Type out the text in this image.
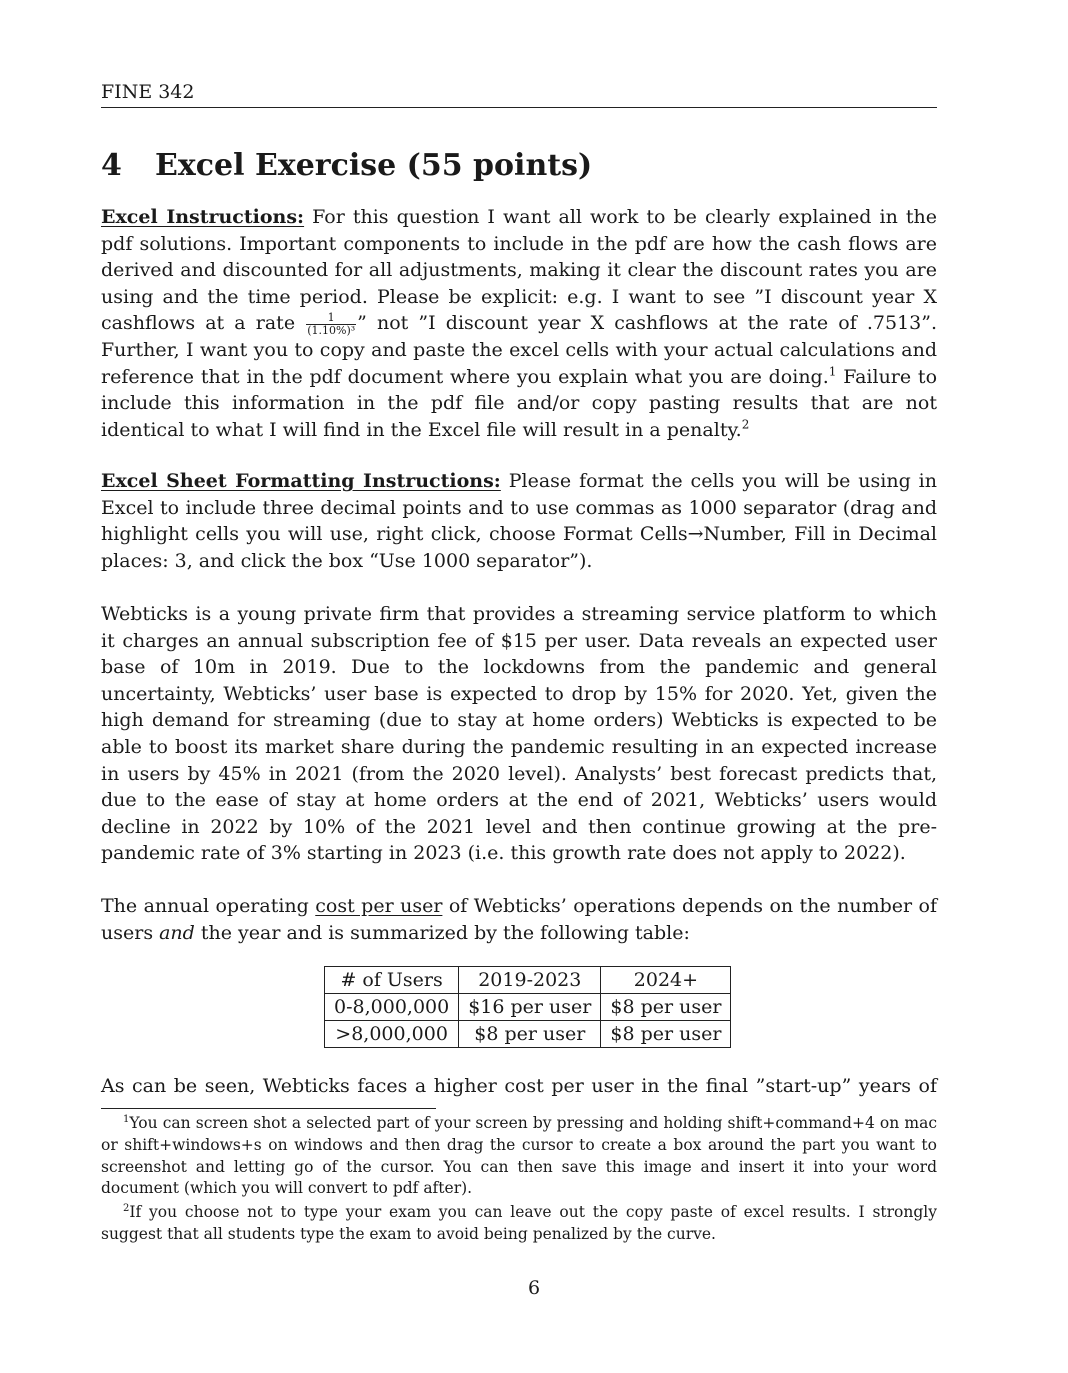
FINE 342
4 Excel Exercise (55 points)

Excel Instructions: For this question I want all work to be clearly explained in the pdf solutions. Important components to include in the pdf are how the cash flows are derived and discounted for all adjustments, making it clear the discount rates you are using and the time period. Please be explicit: e.g. I want to see ”I discount year X cashflows at a rate $\frac{1}{\text{(1.10\%)³}}$ ” not ”I discount year X cashflows at the rate of .7513”. Further, I want you to copy and paste the excel cells with your actual calculations and reference that in the pdf document where you explain what you are doing.$^1$ Failure to include this information in the pdf file and/or copy pasting results that are not identical to what I will find in the Excel file will result in a penalty.$^2$

Excel Sheet Formatting Instructions: Please format the cells you will be using in Excel to include three decimal points and to use commas as 1000 separator (drag and highlight cells you will use, right click, choose Format Cells→Number, Fill in Decimal places: 3, and click the box “Use 1000 separator”).

Webticks is a young private firm that provides a streaming service platform to which it charges an annual subscription fee of $15 per user. Data reveals an expected user base of 10m in 2019. Due to the lockdowns from the pandemic and general uncertainty, Webticks’ user base is expected to drop by 15% for 2020. Yet, given the high demand for streaming (due to stay at home orders) Webticks is expected to be able to boost its market share during the pandemic resulting in an expected increase in users by 45% in 2021 (from the 2020 level). Analysts’ best forecast predicts that, due to the ease of stay at home orders at the end of 2021, Webticks’ users would decline in 2022 by 10% of the 2021 level and then continue growing at the pre-pandemic rate of 3% starting in 2023 (i.e. this growth rate does not apply to 2022).

The annual operating cost per user of Webticks’ operations depends on the number of users and the year and is summarized by the following table:

# of Users	2019-2023	2024+
0-8,000,000	$16 per user	$8 per user
>8,000,000	$8 per user	$8 per user

As can be seen, Webticks faces a higher cost per user in the final ”start-up” years of

$^1$You can screen shot a selected part of your screen by pressing and holding shift+command+4 on mac or shift+windows+s on windows and then drag the cursor to create a box around the part you want to screenshot and letting go of the cursor. You can then save this image and insert it into your word document (which you will convert to pdf after).

$^2$If you choose not to type your exam you can leave out the copy paste of excel results. I strongly suggest that all students type the exam to avoid being penalized by the curve.

6
